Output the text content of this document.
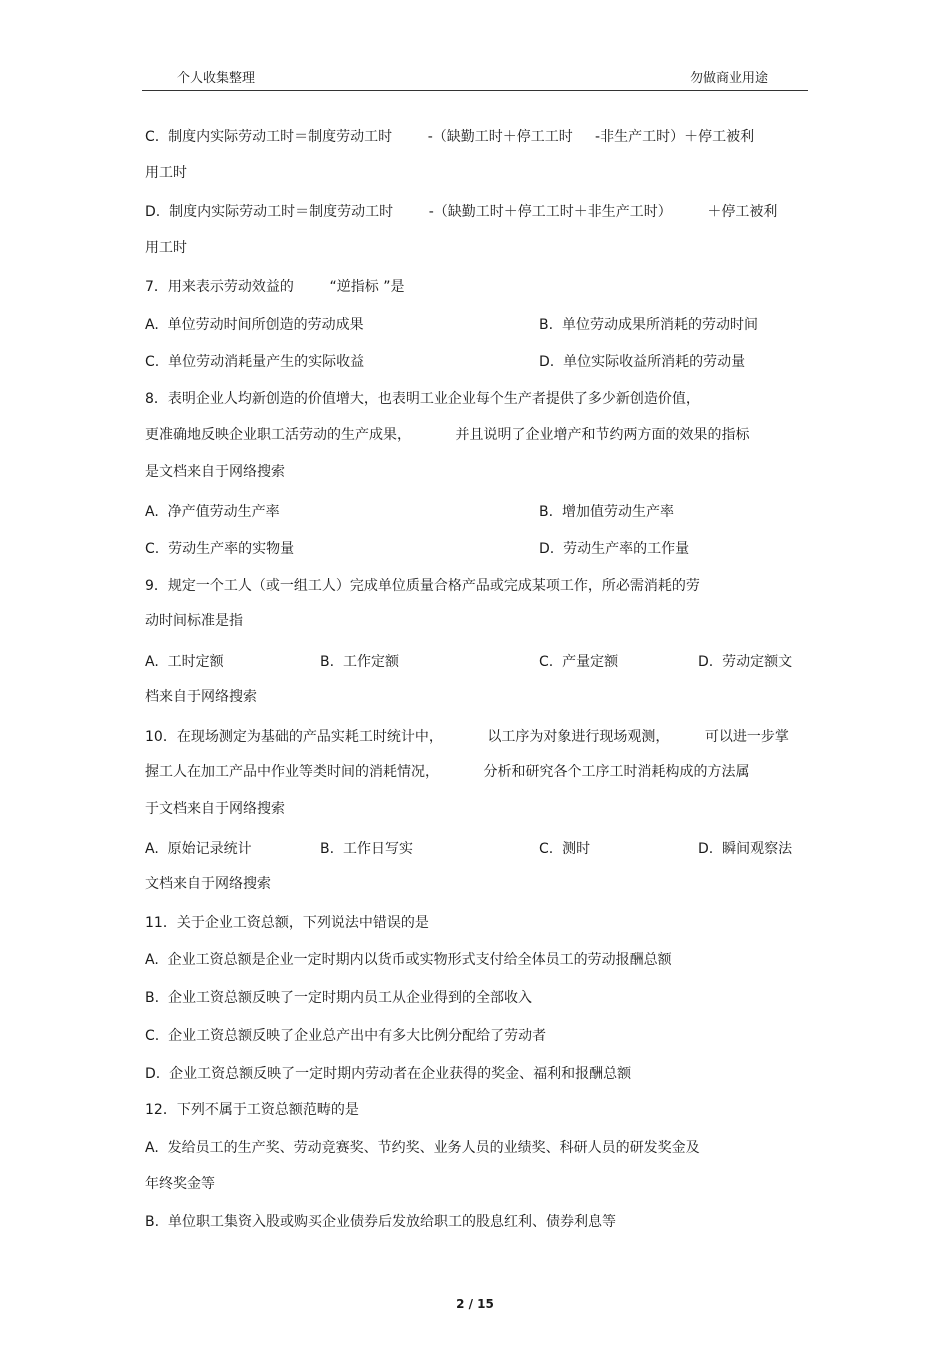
个人收集整理	勿做商业用途
C.  制度内实际劳动工时＝制度劳动工时        -（缺勤工时＋停工工时     -非生产工时）＋停工被利
用工时
D.  制度内实际劳动工时＝制度劳动工时        -（缺勤工时＋停工工时＋非生产工时）        ＋停工被利
用工时
7．用来表示劳动效益的        “逆指标 ”是
A.  单位劳动时间所创造的劳动成果	B.  单位劳动成果所消耗的劳动时间
C.  单位劳动消耗量产生的实际收益	D.  单位实际收益所消耗的劳动量
8．表明企业人均新创造的价值增大，也表明工业企业每个生产者提供了多少新创造价值，
更准确地反映企业职工活劳动的生产成果，          并且说明了企业增产和节约两方面的效果的指标
是文档来自于网络搜索
A.  净产值劳动生产率	B.  增加值劳动生产率
C.  劳动生产率的实物量	D.  劳动生产率的工作量
9．规定一个工人（或一组工人）完成单位质量合格产品或完成某项工作，所必需消耗的劳
动时间标准是指
A.  工时定额	B.  工作定额	C.  产量定额	D.  劳动定额文
档来自于网络搜索
10．在现场测定为基础的产品实耗工时统计中，          以工序为对象进行现场观测，        可以进一步掌
握工人在加工产品中作业等类时间的消耗情况，          分析和研究各个工序工时消耗构成的方法属
于文档来自于网络搜索
A.  原始记录统计	B.  工作日写实	C.  测时	D.  瞬间观察法
文档来自于网络搜索
11．关于企业工资总额，下列说法中错误的是
A.  企业工资总额是企业一定时期内以货币或实物形式支付给全体员工的劳动报酬总额
B.  企业工资总额反映了一定时期内员工从企业得到的全部收入
C.  企业工资总额反映了企业总产出中有多大比例分配给了劳动者
D.  企业工资总额反映了一定时期内劳动者在企业获得的奖金、福利和报酬总额
12．下列不属于工资总额范畴的是
A.  发给员工的生产奖、劳动竞赛奖、节约奖、业务人员的业绩奖、科研人员的研发奖金及
年终奖金等
B.  单位职工集资入股或购买企业债券后发放给职工的股息红利、债券利息等
2 / 15
